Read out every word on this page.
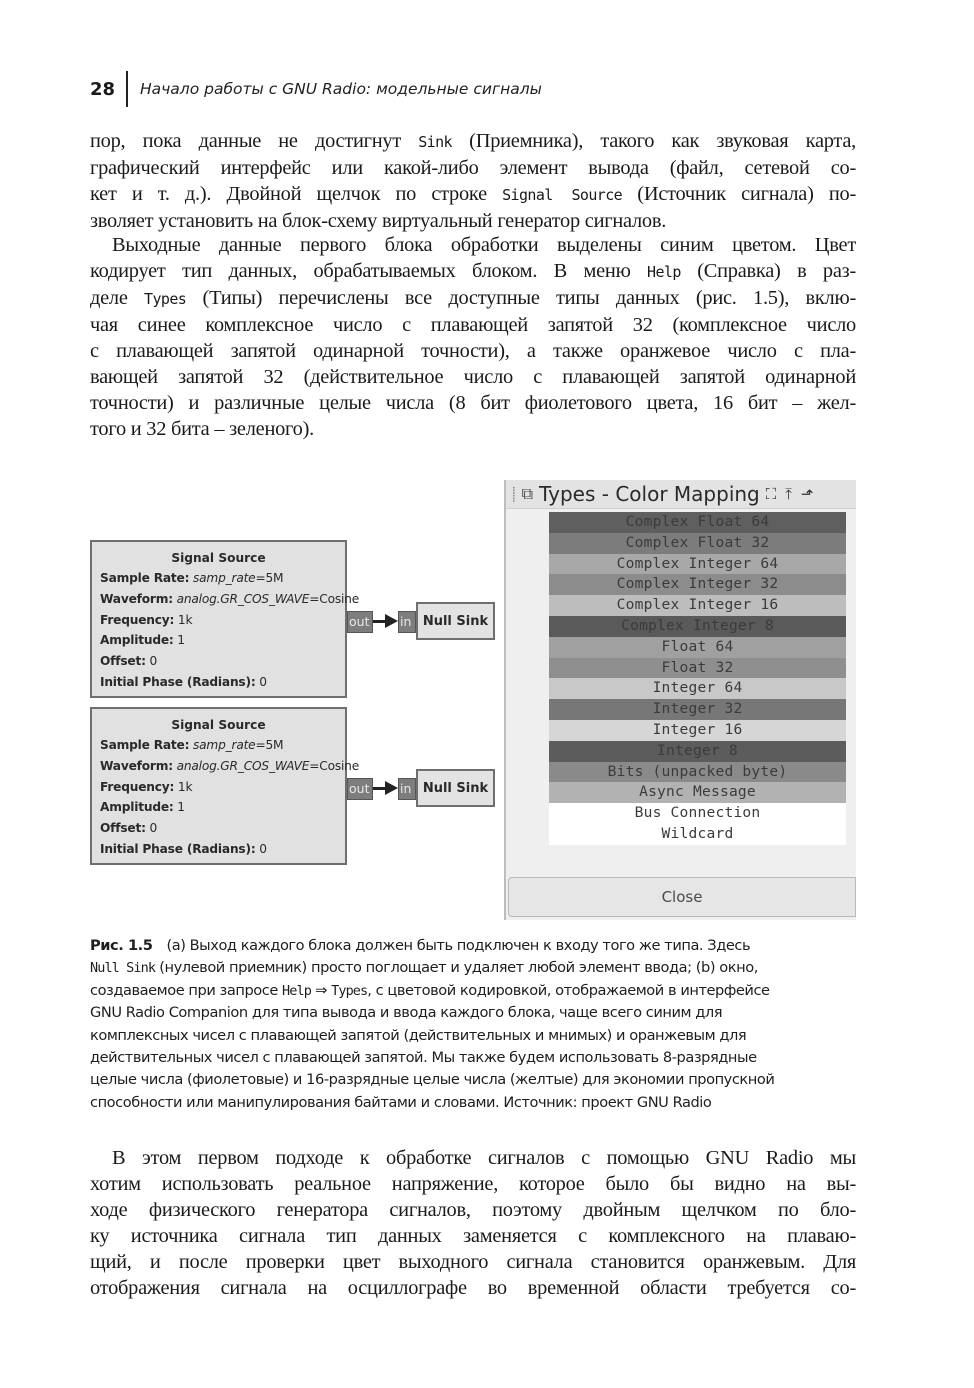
28	Начало работы с GNU Radio: модельные сигналы
пор, пока данные не достигнут Sink (Приемника), такого как звуковая карта,
графический интерфейс или какой-либо элемент вывода (файл, сетевой со-
кет и т. д.). Двойной щелчок по строке Signal Source (Источник сигнала) по-
зволяет установить на блок-схему виртуальный генератор сигналов.
Выходные данные первого блока обработки выделены синим цветом. Цвет
кодирует тип данных, обрабатываемых блоком. В меню Help (Справка) в раз-
деле Types (Типы) перечислены все доступные типы данных (рис. 1.5), вклю-
чая синее комплексное число с плавающей запятой 32 (комплексное число
с плавающей запятой одинарной точности), а также оранжевое число с пла-
вающей запятой 32 (действительное число с плавающей запятой одинарной
точности) и различные целые числа (8 бит фиолетового цвета, 16 бит – жел-
того и 32 бита – зеленого).
Signal Source
Sample Rate: samp_rate=5M
Waveform: analog.GR_COS_WAVE=Cosine
Frequency: 1k
Amplitude: 1
Offset: 0
Initial Phase (Radians): 0
out in Null Sink
Signal Source
Sample Rate: samp_rate=5M
Waveform: analog.GR_COS_WAVE=Cosine
Frequency: 1k
Amplitude: 1
Offset: 0
Initial Phase (Radians): 0
out in Null Sink
⸽ ⧉ Types - Color Mapping ⛶ ⤒ ⬏
Complex Float 64
Complex Float 32
Complex Integer 64
Complex Integer 32
Complex Integer 16
Complex Integer 8
Float 64
Float 32
Integer 64
Integer 32
Integer 16
Integer 8
Bits (unpacked byte)
Async Message
Bus Connection
Wildcard
Close
Рис. 1.5 (a) Выход каждого блока должен быть подключен к входу того же типа. Здесь
Null Sink (нулевой приемник) просто поглощает и удаляет любой элемент ввода; (b) окно,
создаваемое при запросе Help ⇒ Types, с цветовой кодировкой, отображаемой в интерфейсе
GNU Radio Companion для типа вывода и ввода каждого блока, чаще всего синим для
комплексных чисел с плавающей запятой (действительных и мнимых) и оранжевым для
действительных чисел с плавающей запятой. Мы также будем использовать 8-разрядные
целые числа (фиолетовые) и 16-разрядные целые числа (желтые) для экономии пропускной
способности или манипулирования байтами и словами. Источник: проект GNU Radio
В этом первом подходе к обработке сигналов с помощью GNU Radio мы
хотим использовать реальное напряжение, которое было бы видно на вы-
ходе физического генератора сигналов, поэтому двойным щелчком по бло-
ку источника сигнала тип данных заменяется с комплексного на плаваю-
щий, и после проверки цвет выходного сигнала становится оранжевым. Для
отображения сигнала на осциллографе во временной области требуется со-
